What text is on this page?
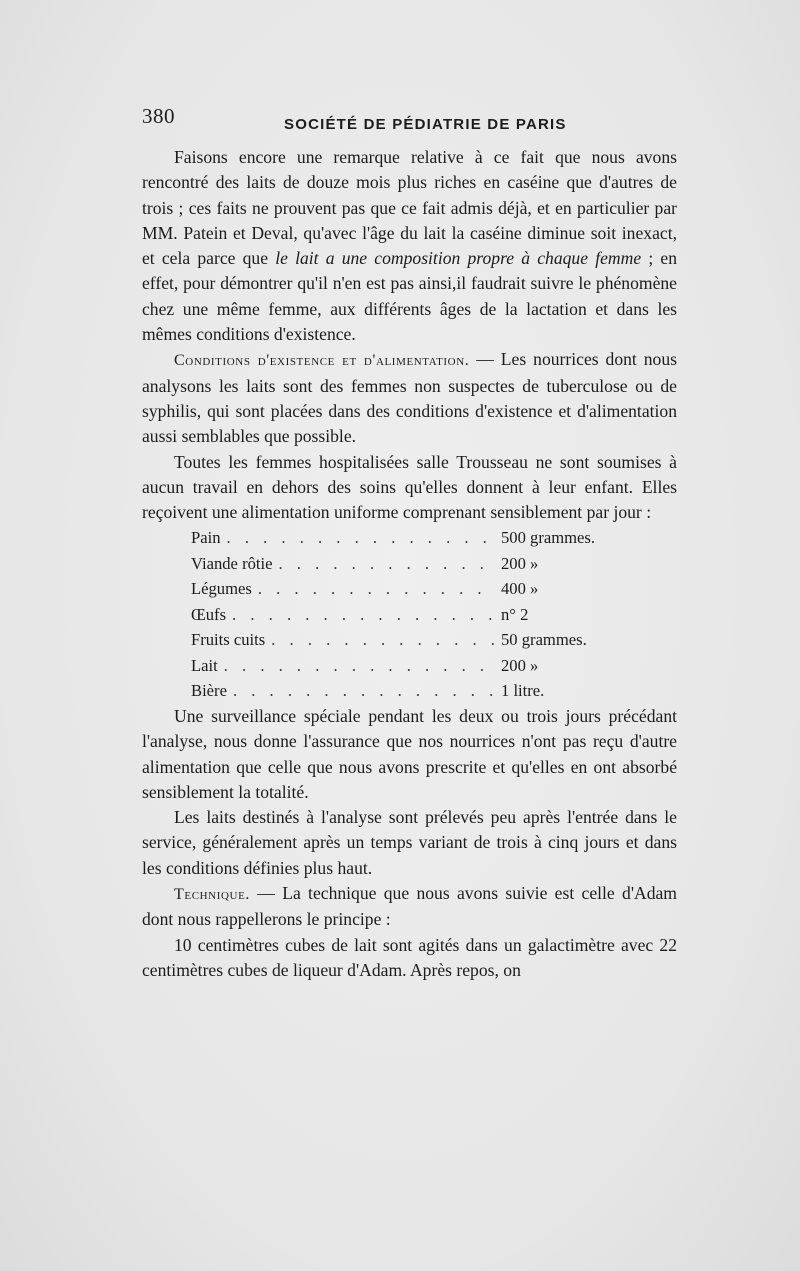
380	SOCIÉTÉ DE PÉDIATRIE DE PARIS

Faisons encore une remarque relative à ce fait que nous avons rencontré des laits de douze mois plus riches en caséine que d'autres de trois ; ces faits ne prouvent pas que ce fait admis déjà, et en particulier par MM. Patein et Deval, qu'avec l'âge du lait la caséine diminue soit inexact, et cela parce que le lait a une composition propre à chaque femme ; en effet, pour démontrer qu'il n'en est pas ainsi,il faudrait suivre le phénomène chez une même femme, aux différents âges de la lactation et dans les mêmes conditions d'existence.

Conditions d'existence et d'alimentation. — Les nourrices dont nous analysons les laits sont des femmes non suspectes de tuberculose ou de syphilis, qui sont placées dans des conditions d'existence et d'alimentation aussi semblables que possible.

Toutes les femmes hospitalisées salle Trousseau ne sont soumises à aucun travail en dehors des soins qu'elles donnent à leur enfant. Elles reçoivent une alimentation uniforme comprenant sensiblement par jour :

Pain . . .	500 grammes.
Viande rôtie . . .	200 »
Légumes . . .	400 »
Œufs . . .	n° 2
Fruits cuits . . .	50 grammes.
Lait . . .	200 »
Bière . . .	1 litre.

Une surveillance spéciale pendant les deux ou trois jours précédant l'analyse, nous donne l'assurance que nos nourrices n'ont pas reçu d'autre alimentation que celle que nous avons prescrite et qu'elles en ont absorbé sensiblement la totalité.

Les laits destinés à l'analyse sont prélevés peu après l'entrée dans le service, généralement après un temps variant de trois à cinq jours et dans les conditions définies plus haut.

Technique. — La technique que nous avons suivie est celle d'Adam dont nous rappellerons le principe :

10 centimètres cubes de lait sont agités dans un galactimètre avec 22 centimètres cubes de liqueur d'Adam. Après repos, on
